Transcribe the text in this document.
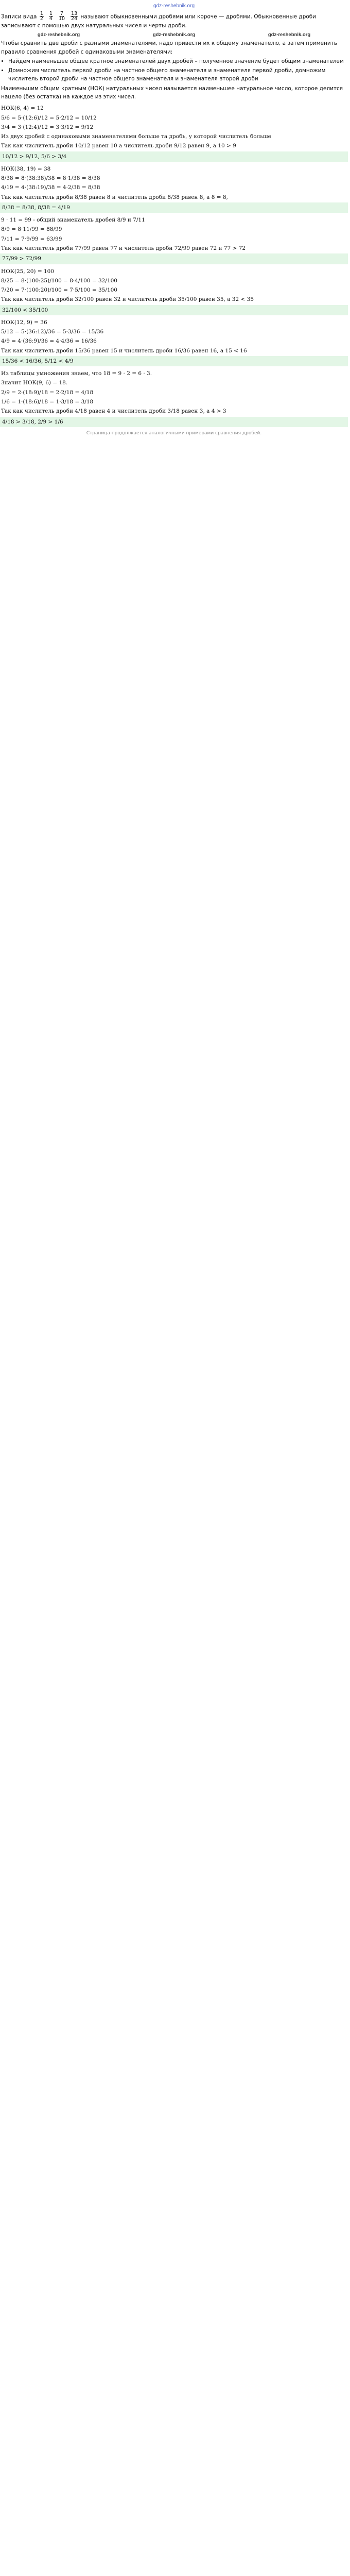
gdz-reshebnik.org

Записи вида $\frac{1}{2} \frac{1}{4} \frac{7}{10} \frac{13}{24}$ называют обыкновенными дробями или короче — дробями. Обыкновенные дроби записывают с помощью двух натуральных чисел и черты дроби.

gdz-reshebnik.org	gdz-reshebnik.org	gdz-reshebnik.org

Чтобы сравнить две дроби с разными знаменателями, надо привести их к общему знаменателю, а затем применить правило сравнения дробей с одинаковыми знаменателями:

• Найдём наименьшее общее кратное знаменателей двух дробей – полученное значение будет общим знаменателем
• Домножим числитель первой дроби на частное общего знаменателя и знаменателя первой дроби, домножим числитель второй дроби на частное общего знаменателя и знаменателя второй дроби

Наименьшим общим кратным (НОК) натуральных чисел называется наименьшее натуральное число, которое делится нацело (без остатка) на каждое из этих чисел.

НОК(6, 4) = 12

5/6 = 5·(12:6)/12 = 5·2/12 = 10/12

3/4 = 3·(12:4)/12 = 3·3/12 = 9/12

Из двух дробей с одинаковыми знаменателями больше та дробь, у которой числитель больше

Так как числитель дроби 10/12 равен 10 а числитель дроби 9/12 равен 9, а 10 > 9

10/12 > 9/12, 5/6 > 3/4

НОК(38, 19) = 38

8/38 = 8·(38:38)/38 = 8·1/38 = 8/38

4/19 = 4·(38:19)/38 = 4·2/38 = 8/38

Так как числитель дроби 8/38 равен 8 и числитель дроби 8/38 равен 8, а 8 = 8,

8/38 = 8/38, 8/38 = 4/19

9 · 11 = 99 - общий знаменатель дробей 8/9 и 7/11

8/9 = 8·11/99 = 88/99

7/11 = 7·9/99 = 63/99

Так как числитель дроби 77/99 равен 77 и числитель дроби 72/99 равен 72 и 77 > 72

77/99 > 72/99

НОК(25, 20) = 100

8/25 = 8·(100:25)/100 = 8·4/100 = 32/100

7/20 = 7·(100:20)/100 = 7·5/100 = 35/100

Так как числитель дроби 32/100 равен 32 и числитель дроби 35/100 равен 35, а 32 < 35

32/100 < 35/100

НОК(12, 9) = 36

5/12 = 5·(36:12)/36 = 5·3/36 = 15/36

4/9 = 4·(36:9)/36 = 4·4/36 = 16/36

Так как числитель дроби 15/36 равен 15 и числитель дроби 16/36 равен 16, а 15 < 16

15/36 < 16/36, 5/12 < 4/9

Из таблицы умножения знаем, что 18 = 9 · 2 = 6 · 3.

Значит НОК(9, 6) = 18.

2/9 = 2·(18:9)/18 = 2·2/18 = 4/18

1/6 = 1·(18:6)/18 = 1·3/18 = 3/18

Так как числитель дроби 4/18 равен 4 и числитель дроби 3/18 равен 3, а 4 > 3

4/18 > 3/18, 2/9 > 1/6
Страница продолжается аналогичными примерами сравнения дробей.
